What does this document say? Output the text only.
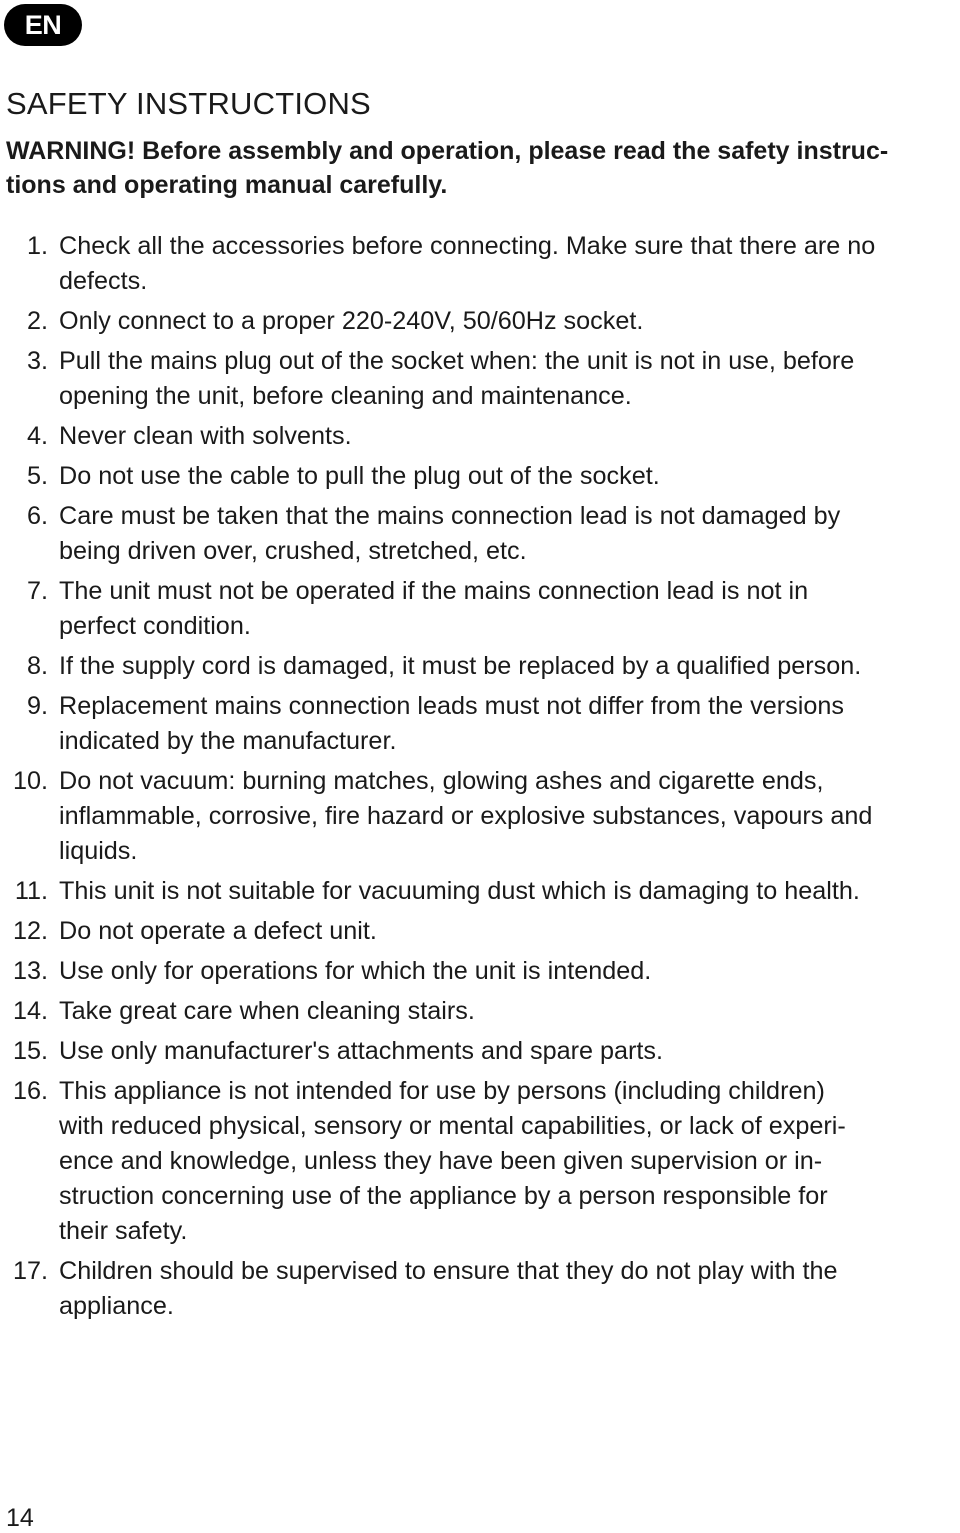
EN
SAFETY INSTRUCTIONS

WARNING! Before assembly and operation, please read the safety instruc-
tions and operating manual carefully.

1. Check all the accessories before connecting. Make sure that there are no
defects.
2. Only connect to a proper 220-240V, 50/60Hz socket.
3. Pull the mains plug out of the socket when: the unit is not in use, before
opening the unit, before cleaning and maintenance.
4. Never clean with solvents.
5. Do not use the cable to pull the plug out of the socket.
6. Care must be taken that the mains connection lead is not damaged by
being driven over, crushed, stretched, etc.
7. The unit must not be operated if the mains connection lead is not in
perfect condition.
8. If the supply cord is damaged, it must be replaced by a qualified person.
9. Replacement mains connection leads must not differ from the versions
indicated by the manufacturer.
10. Do not vacuum: burning matches, glowing ashes and cigarette ends,
inflammable, corrosive, fire hazard or explosive substances, vapours and
liquids.
11. This unit is not suitable for vacuuming dust which is damaging to health.
12. Do not operate a defect unit.
13. Use only for operations for which the unit is intended.
14. Take great care when cleaning stairs.
15. Use only manufacturer's attachments and spare parts.
16. This appliance is not intended for use by persons (including children)
with reduced physical, sensory or mental capabilities, or lack of experi-
ence and knowledge, unless they have been given supervision or in-
struction concerning use of the appliance by a person responsible for
their safety.
17. Children should be supervised to ensure that they do not play with the
appliance.
14
